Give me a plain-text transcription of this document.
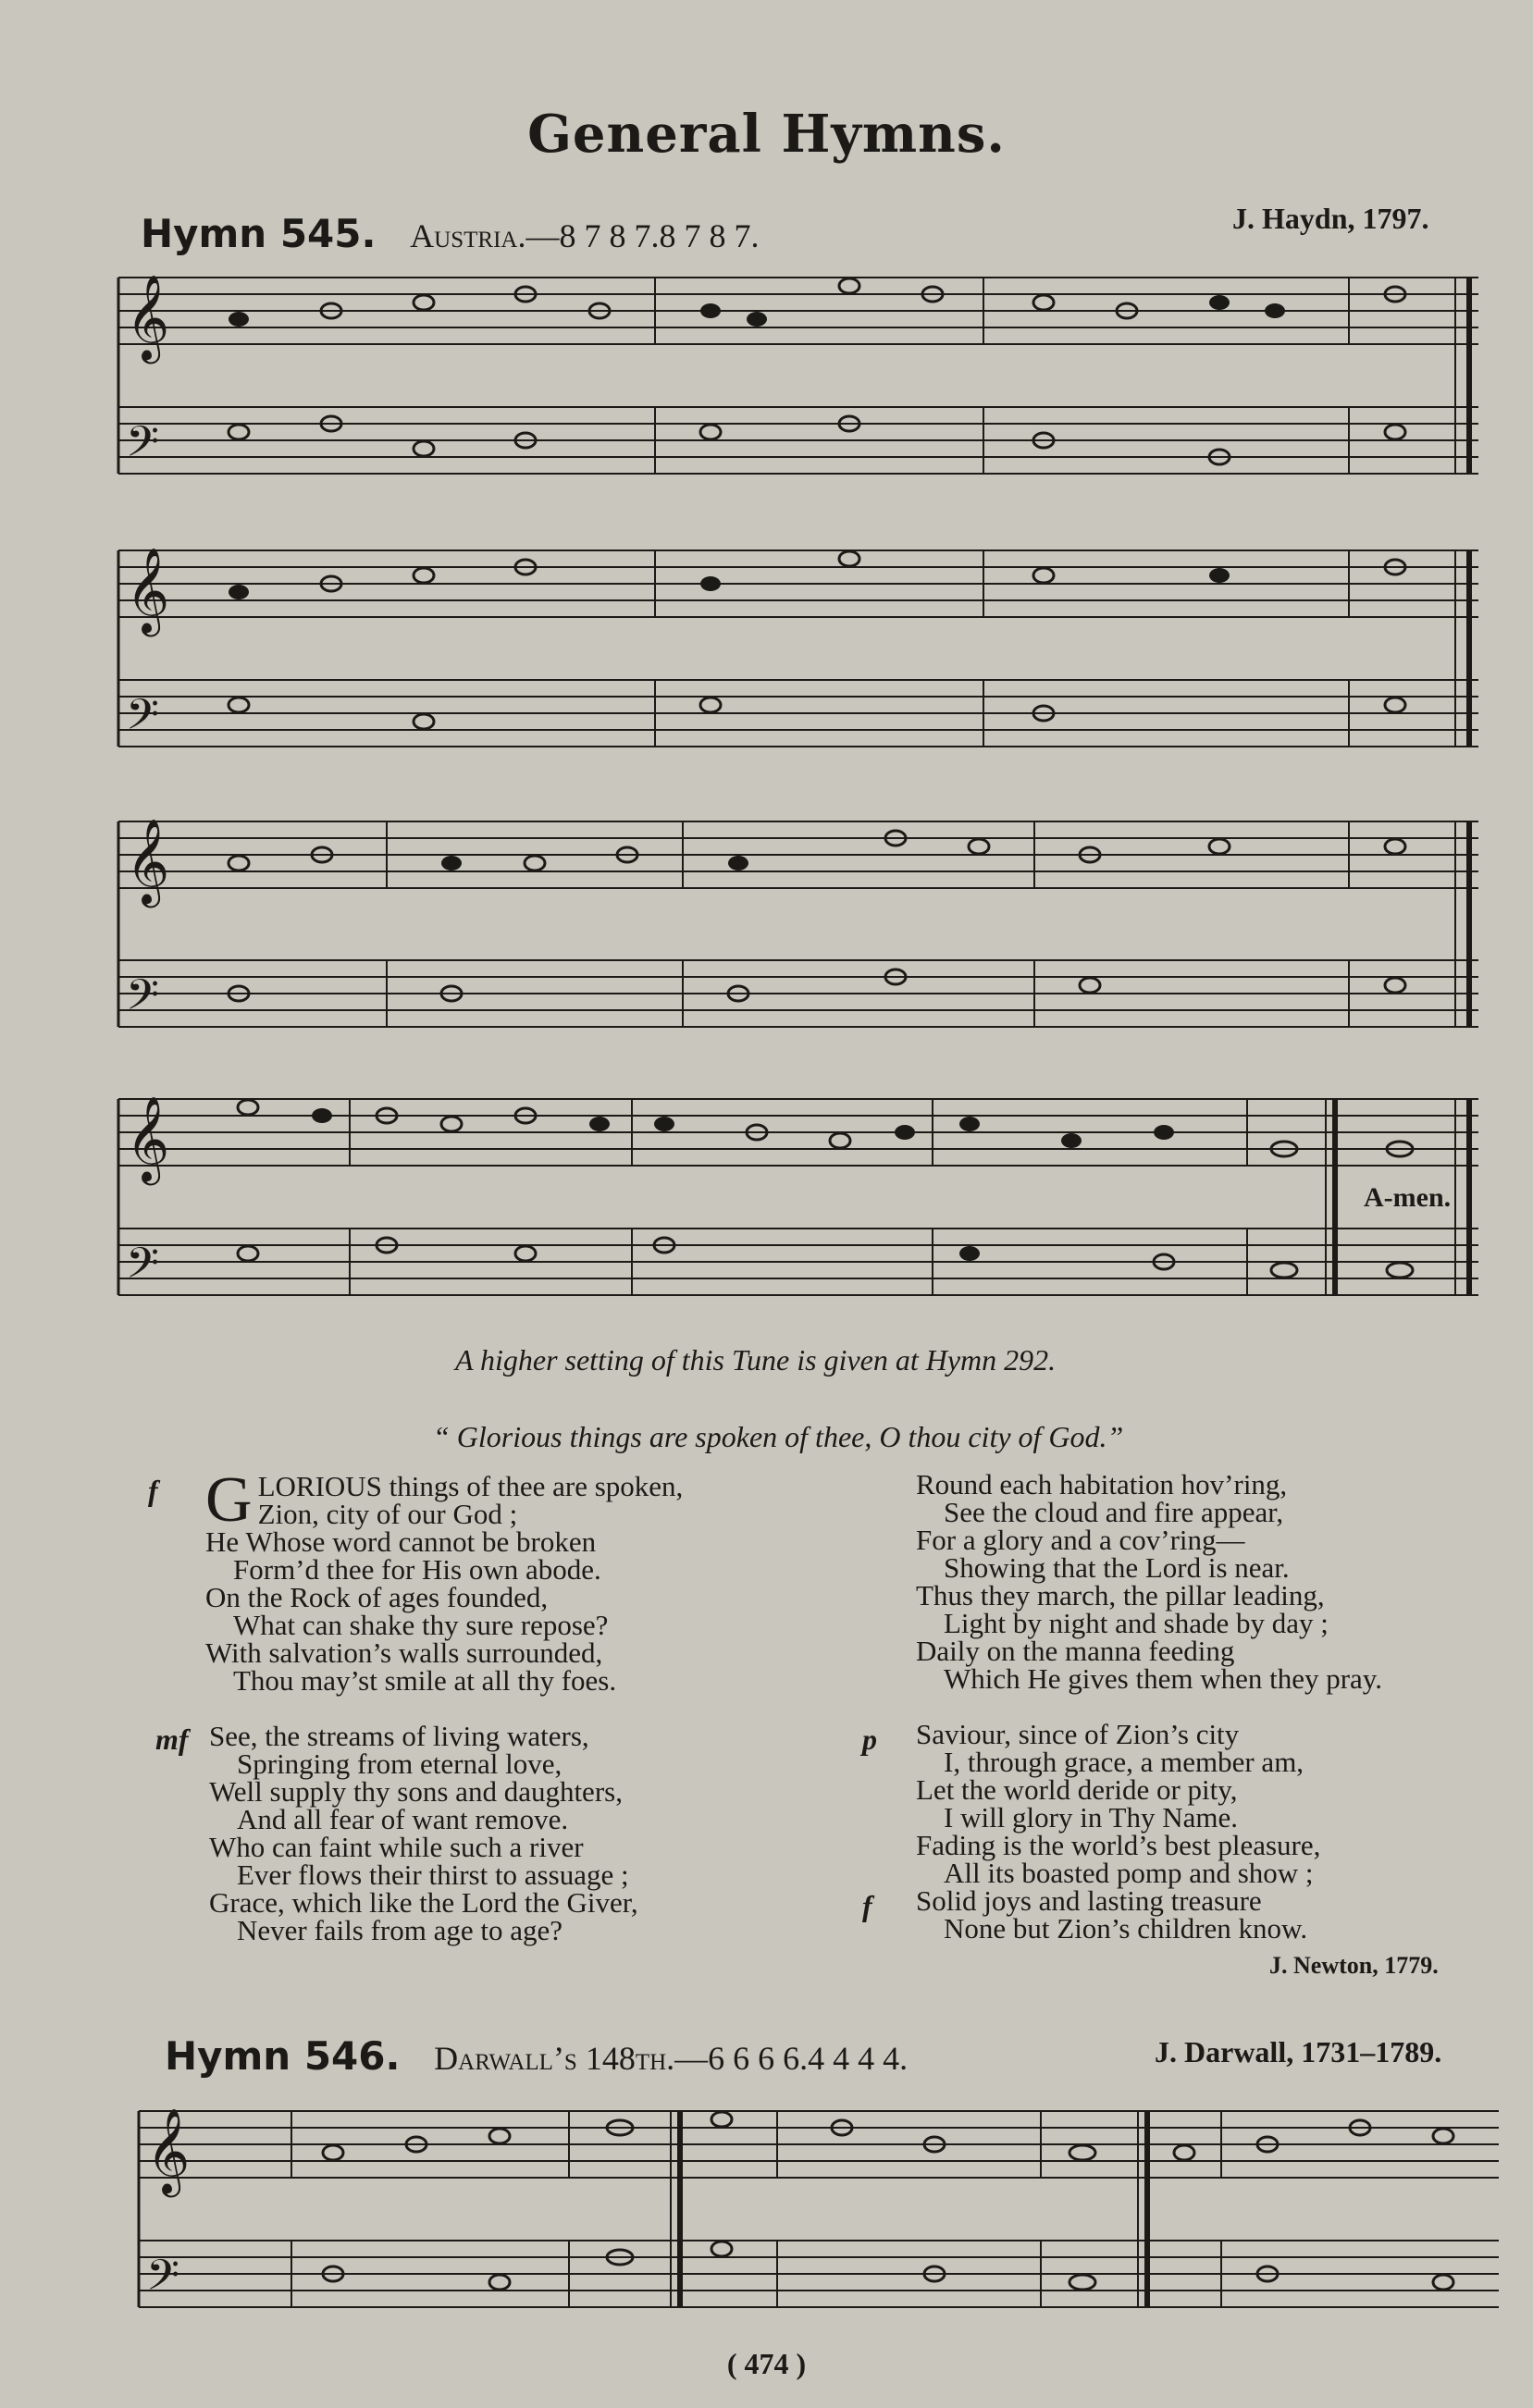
General Hymns.
Hymn 545. Austria.—8 7 8 7.8 7 8 7.	J. Haydn, 1797.
𝄞
𝄢
𝄞
𝄢
𝄞
𝄢
𝄞
𝄢
A-men.
A higher setting of this Tune is given at Hymn 292.
“ Glorious things are spoken of thee, O thou city of God.”
f G LORIOUS things of thee are spoken,
Zion, city of our God ;
He Whose word cannot be broken
Form’d thee for His own abode.
On the Rock of ages founded,
What can shake thy sure repose?
With salvation’s walls surrounded,
Thou may’st smile at all thy foes.
mf See, the streams of living waters,
Springing from eternal love,
Well supply thy sons and daughters,
And all fear of want remove.
Who can faint while such a river
Ever flows their thirst to assuage ;
Grace, which like the Lord the Giver,
Never fails from age to age?
Round each habitation hov’ring,
See the cloud and fire appear,
For a glory and a cov’ring—
Showing that the Lord is near.
Thus they march, the pillar leading,
Light by night and shade by day ;
Daily on the manna feeding
Which He gives them when they pray.
p
f
Saviour, since of Zion’s city
I, through grace, a member am,
Let the world deride or pity,
I will glory in Thy Name.
Fading is the world’s best pleasure,
All its boasted pomp and show ;
Solid joys and lasting treasure
None but Zion’s children know.
J. Newton, 1779.
Hymn 546. Darwall’s 148th.—6 6 6 6.4 4 4 4.	J. Darwall, 1731–1789.
𝄞
𝄢
( 474 )
